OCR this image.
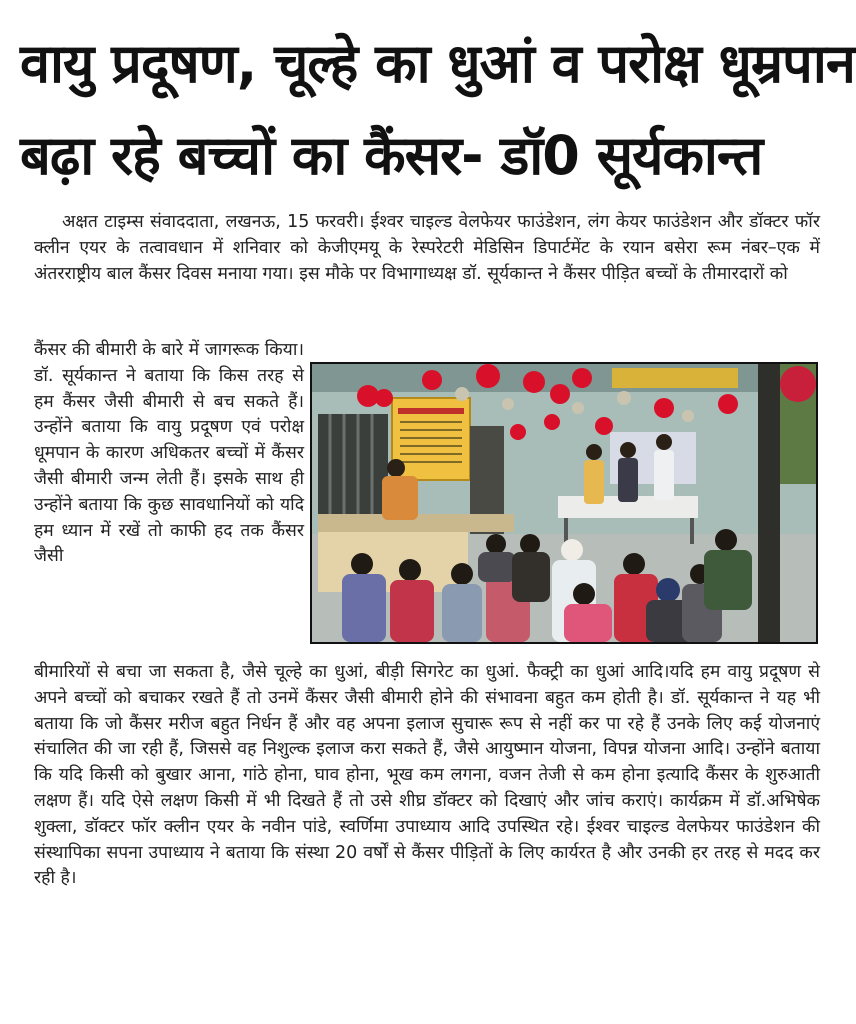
वायु प्रदूषण, चूल्हे का धुआं व परोक्ष धूम्रपान
बढ़ा रहे बच्चों का कैंसर- डॉ0 सूर्यकान्त

अक्षत टाइम्स संवाददाता, लखनऊ, 15 फरवरी। ईश्वर चाइल्ड वेलफेयर फाउंडेशन, लंग केयर फाउंडेशन और डॉक्टर फॉर क्लीन एयर के तत्वावधान में शनिवार को केजीएमयू के रेस्परेटरी मेडिसिन डिपार्टमेंट के रयान बसेरा रूम नंबर–एक में अंतरराष्ट्रीय बाल कैंसर दिवस मनाया गया। इस मौके पर विभागाध्यक्ष डॉ. सूर्यकान्त ने कैंसर पीड़ित बच्चों के तीमारदारों को

कैंसर की बीमारी के बारे में जागरूक किया। डॉ. सूर्यकान्त ने बताया कि किस तरह से हम कैंसर जैसी बीमारी से बच सकते हैं। उन्होंने बताया कि वायु प्रदूषण एवं परोक्ष धूमपान के कारण अधिकतर बच्चों में कैंसर जैसी बीमारी जन्म लेती हैं। इसके साथ ही उन्होंने बताया कि कुछ सावधानियों को यदि हम ध्यान में रखें तो काफी हद तक कैंसर जैसी

बीमारियों से बचा जा सकता है, जैसे चूल्हे का धुआं, बीड़ी सिगरेट का धुआं. फैक्ट्री का धुआं आदि।यदि हम वायु प्रदूषण से अपने बच्चों को बचाकर रखते हैं तो उनमें कैंसर जैसी बीमारी होने की संभावना बहुत कम होती है। डॉ. सूर्यकान्त ने यह भी बताया कि जो कैंसर मरीज बहुत निर्धन हैं और वह अपना इलाज सुचारू रूप से नहीं कर पा रहे हैं उनके लिए कई योजनाएं संचालित की जा रही हैं, जिससे वह निशुल्क इलाज करा सकते हैं, जैसे आयुष्मान योजना, विपन्न योजना आदि। उन्होंने बताया कि यदि किसी को बुखार आना, गांठे होना, घाव होना, भूख कम लगना, वजन तेजी से कम होना इत्यादि कैंसर के शुरुआती लक्षण हैं। यदि ऐसे लक्षण किसी में भी दिखते हैं तो उसे शीघ्र डॉक्टर को दिखाएं और जांच कराएं। कार्यक्रम में डॉ.अभिषेक शुक्ला, डॉक्टर फॉर क्लीन एयर के नवीन पांडे, स्वर्णिमा उपाध्याय आदि उपस्थित रहे। ईश्वर चाइल्ड वेलफेयर फाउंडेशन की संस्थापिका सपना उपाध्याय ने बताया कि संस्था 20 वर्षों से कैंसर पीड़ितों के लिए कार्यरत है और उनकी हर तरह से मदद कर रही है।
